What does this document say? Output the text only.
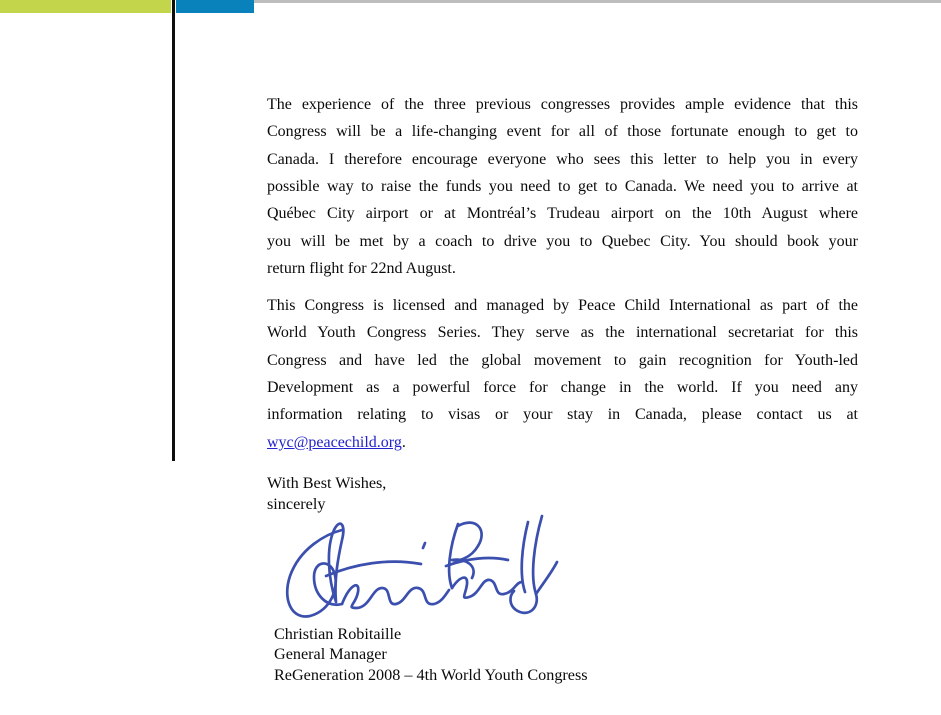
The experience of the three previous congresses provides ample evidence that this
Congress will be a life-changing event for all of those fortunate enough to get to
Canada. I therefore encourage everyone who sees this letter to help you in every
possible way to raise the funds you need to get to Canada. We need you to arrive at
Québec City airport or at Montréal’s Trudeau airport on the 10th August where
you will be met by a coach to drive you to Quebec City. You should book your
return flight for 22nd August.
This Congress is licensed and managed by Peace Child International as part of the
World Youth Congress Series. They serve as the international secretariat for this
Congress and have led the global movement to gain recognition for Youth-led
Development as a powerful force for change in the world. If you need any
information relating to visas or your stay in Canada, please contact us at
wyc@peacechild.org.
With Best Wishes,
sincerely
Christian Robitaille
General Manager
ReGeneration 2008 – 4th World Youth Congress
